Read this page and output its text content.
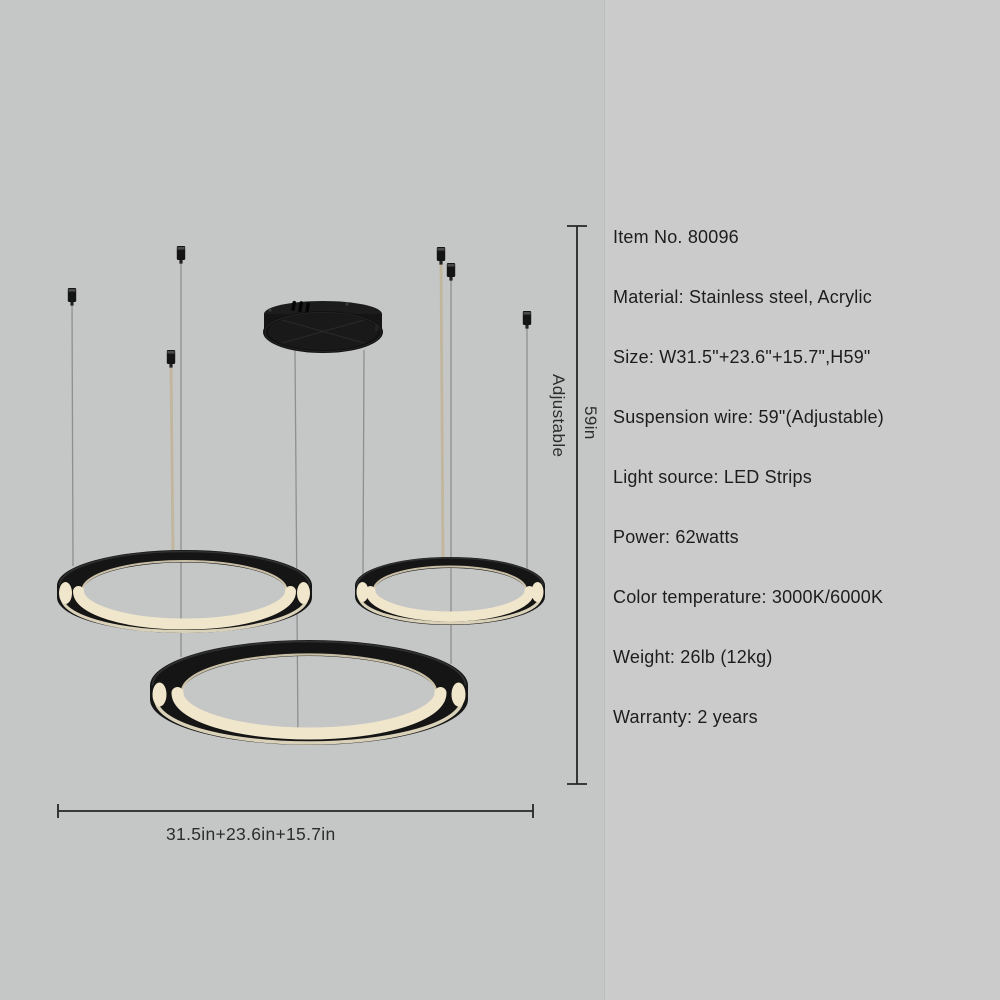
Adjustable 59in
31.5in+23.6in+15.7in
Item No. 80096
Material: Stainless steel, Acrylic
Size: W31.5"+23.6"+15.7",H59"
Suspension wire: 59"(Adjustable)
Light source: LED Strips
Power: 62watts
Color temperature: 3000K/6000K
Weight: 26lb (12kg)
Warranty: 2 years
